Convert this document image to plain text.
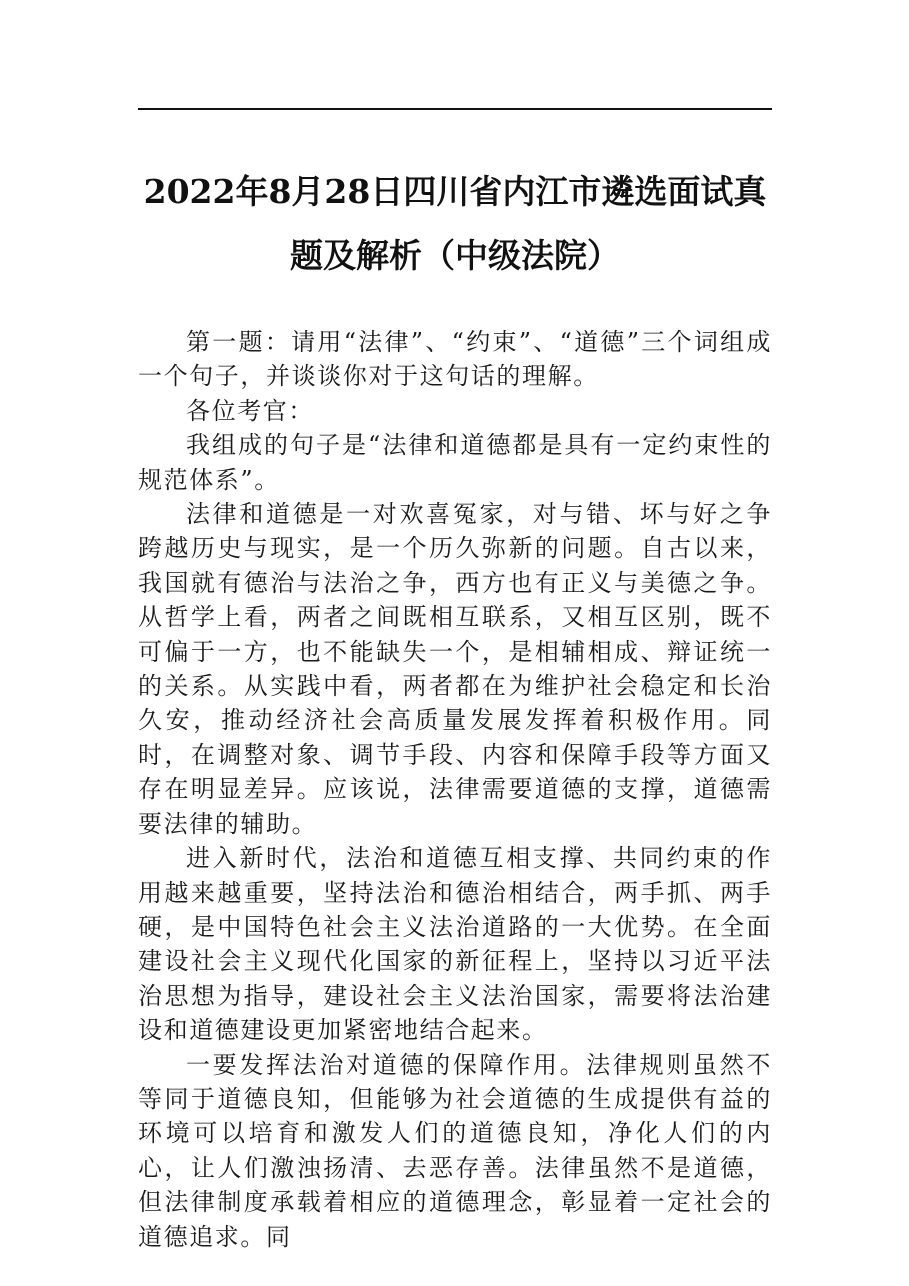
2022年8月28日四川省内江市遴选面试真
题及解析（中级法院）

第一题：请用“法律”、“约束”、“道德”三个词组成一个句子，并谈谈你对于这句话的理解。

各位考官：

我组成的句子是“法律和道德都是具有一定约束性的规范体系”。

法律和道德是一对欢喜冤家，对与错、坏与好之争跨越历史与现实，是一个历久弥新的问题。自古以来，我国就有德治与法治之争，西方也有正义与美德之争。从哲学上看，两者之间既相互联系，又相互区别，既不可偏于一方，也不能缺失一个，是相辅相成、辩证统一的关系。从实践中看，两者都在为维护社会稳定和长治久安，推动经济社会高质量发展发挥着积极作用。同时，在调整对象、调节手段、内容和保障手段等方面又存在明显差异。应该说，法律需要道德的支撑，道德需要法律的辅助。

进入新时代，法治和道德互相支撑、共同约束的作用越来越重要，坚持法治和德治相结合，两手抓、两手硬，是中国特色社会主义法治道路的一大优势。在全面建设社会主义现代化国家的新征程上，坚持以习近平法治思想为指导，建设社会主义法治国家，需要将法治建设和道德建设更加紧密地结合起来。

一要发挥法治对道德的保障作用。法律规则虽然不等同于道德良知，但能够为社会道德的生成提供有益的环境可以培育和激发人们的道德良知，净化人们的内心，让人们激浊扬清、去恶存善。法律虽然不是道德，但法律制度承载着相应的道德理念，彰显着一定社会的道德追求。同
